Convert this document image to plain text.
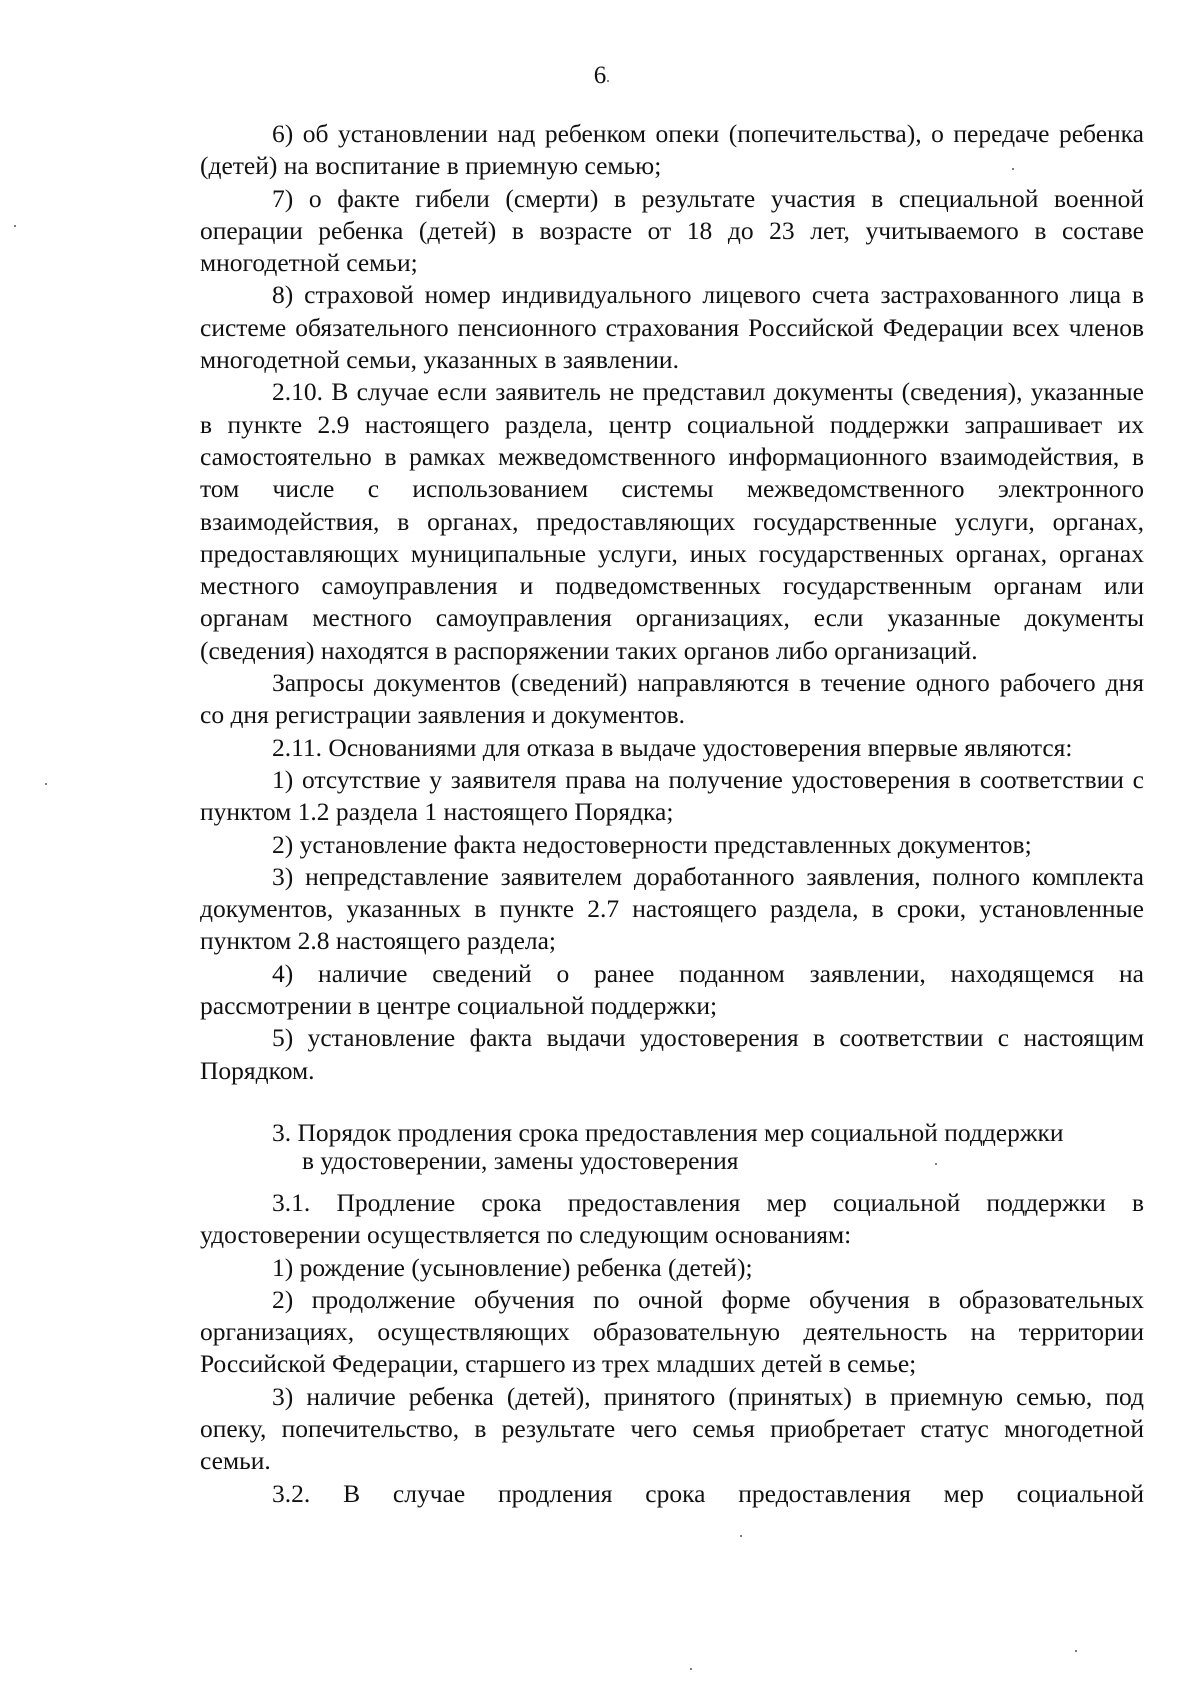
6

6) об установлении над ребенком опеки (попечительства), о передаче ребенка (детей) на воспитание в приемную семью;

7) о факте гибели (смерти) в результате участия в специальной военной операции ребенка (детей) в возрасте от 18 до 23 лет, учитываемого в составе многодетной семьи;

8) страховой номер индивидуального лицевого счета застрахованного лица в системе обязательного пенсионного страхования Российской Федерации всех членов многодетной семьи, указанных в заявлении.

2.10. В случае если заявитель не представил документы (сведения), указанные в пункте 2.9 настоящего раздела, центр социальной поддержки запрашивает их самостоятельно в рамках межведомственного информационного взаимодействия, в том числе с использованием системы межведомственного электронного взаимодействия, в органах, предоставляющих государственные услуги, органах, предоставляющих муниципальные услуги, иных государственных органах, органах местного самоуправления и подведомственных государственным органам или органам местного самоуправления организациях, если указанные документы (сведения) находятся в распоряжении таких органов либо организаций.

Запросы документов (сведений) направляются в течение одного рабочего дня со дня регистрации заявления и документов.

2.11. Основаниями для отказа в выдаче удостоверения впервые являются:

1) отсутствие у заявителя права на получение удостоверения в соответствии с пунктом 1.2 раздела 1 настоящего Порядка;

2) установление факта недостоверности представленных документов;

3) непредставление заявителем доработанного заявления, полного комплекта документов, указанных в пункте 2.7 настоящего раздела, в сроки, установленные пунктом 2.8 настоящего раздела;

4) наличие сведений о ранее поданном заявлении, находящемся на рассмотрении в центре социальной поддержки;

5) установление факта выдачи удостоверения в соответствии с настоящим Порядком.

3. Порядок продления срока предоставления мер социальной поддержки
в удостоверении, замены удостоверения

3.1. Продление срока предоставления мер социальной поддержки в удостоверении осуществляется по следующим основаниям:

1) рождение (усыновление) ребенка (детей);

2) продолжение обучения по очной форме обучения в образовательных организациях, осуществляющих образовательную деятельность на территории Российской Федерации, старшего из трех младших детей в семье;

3) наличие ребенка (детей), принятого (принятых) в приемную семью, под опеку, попечительство, в результате чего семья приобретает статус многодетной семьи.

3.2. В случае продления срока предоставления мер социальной
